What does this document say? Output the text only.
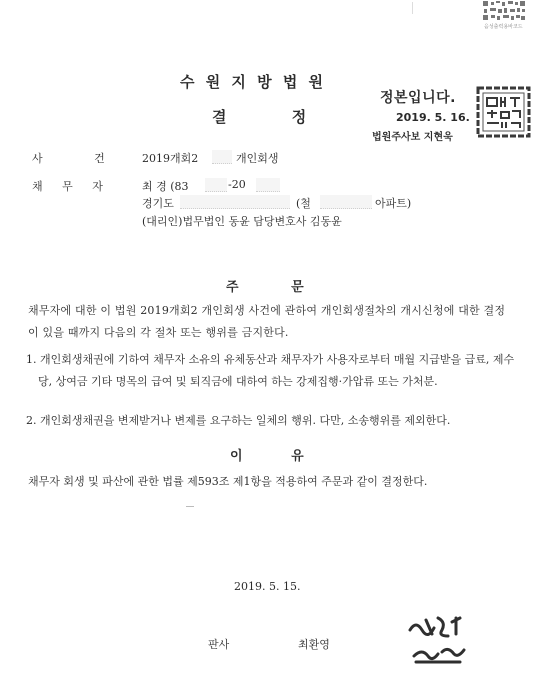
음성출력용바코드
수 원 지 방 법 원
결 정
정본입니다.
2019. 5. 16.
법원주사보 지현욱
사 건	2019개회2	개인회생
채 무 자	최 경 (83	-20
경기도	(철	아파트)
(대리인)법무법인 동윤 담당변호사 김동윤
주 문
채무자에 대한 이 법원 2019개회2 개인회생 사건에 관하여 개인회생절차의 개시신청에 대한 결정이 있을 때까지 다음의 각 절차 또는 행위를 금지한다.
1. 개인회생채권에 기하여 채무자 소유의 유체동산과 채무자가 사용자로부터 매월 지급받을 급료, 제수당, 상여금 기타 명목의 급여 및 퇴직금에 대하여 하는 강제집행·가압류 또는 가처분.
2. 개인회생채권을 변제받거나 변제를 요구하는 일체의 행위. 다만, 소송행위를 제외한다.
이 유
채무자 회생 및 파산에 관한 법률 제593조 제1항을 적용하여 주문과 같이 결정한다.
2019. 5. 15.
판사	최환영
